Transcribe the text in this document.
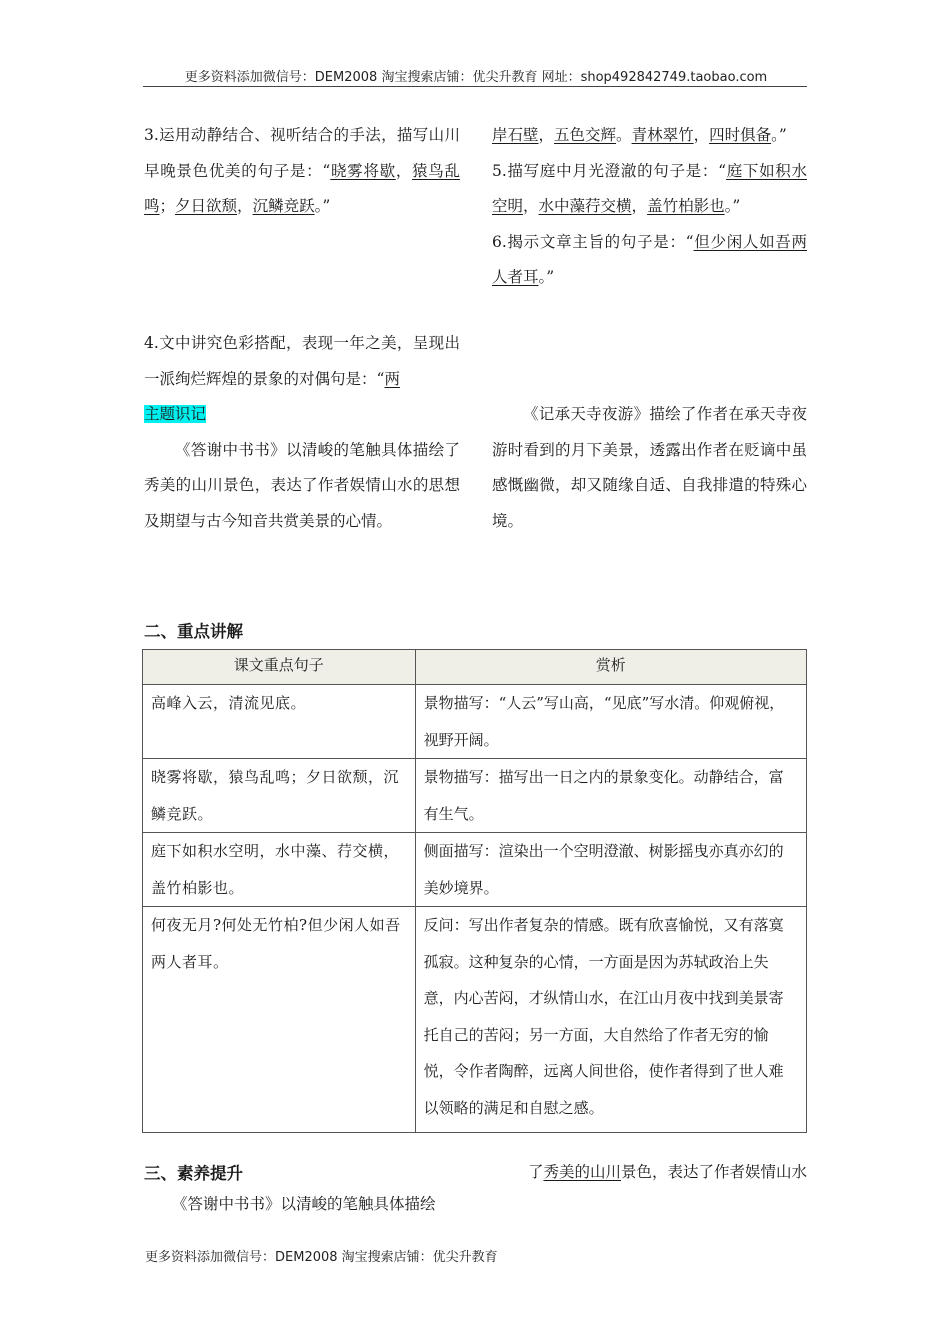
更多资料添加微信号：DEM2008 淘宝搜索店铺：优尖升教育 网址：shop492842749.taobao.com

3.运用动静结合、视听结合的手法，描写山川早晚景色优美的句子是：“晓雾将歇，猿鸟乱鸣；夕日欲颓，沉鳞竞跃。”

4.文中讲究色彩搭配，表现一年之美，呈现出一派绚烂辉煌的景象的对偶句是：“两

主题识记

《答谢中书书》以清峻的笔触具体描绘了秀美的山川景色，表达了作者娱情山水的思想及期望与古今知音共赏美景的心情。

岸石壁，五色交辉。青林翠竹，四时俱备。”

5.描写庭中月光澄澈的句子是：“庭下如积水空明，水中藻荇交横，盖竹柏影也。”

6.揭示文章主旨的句子是：“但少闲人如吾两人者耳。”

《记承天寺夜游》描绘了作者在承天寺夜游时看到的月下美景，透露出作者在贬谪中虽感慨幽微，却又随缘自适、自我排遣的特殊心境。

二、重点讲解
课文重点句子	赏析
高峰入云，清流见底。	景物描写：“人云”写山高，“见底”写水清。仰观俯视，视野开阔。
晓雾将歇，猿鸟乱鸣；夕日欲颓，沉鳞竞跃。	景物描写：描写出一日之内的景象变化。动静结合，富有生气。
庭下如积水空明，水中藻、荇交横，盖竹柏影也。	侧面描写：渲染出一个空明澄澈、树影摇曳亦真亦幻的美妙境界。
何夜无月?何处无竹柏?但少闲人如吾两人者耳。	反问：写出作者复杂的情感。既有欣喜愉悦，又有落寞孤寂。这种复杂的心情，一方面是因为苏轼政治上失意，内心苦闷，才纵情山水，在江山月夜中找到美景寄托自己的苦闷；另一方面，大自然给了作者无穷的愉悦，令作者陶醉，远离人间世俗，使作者得到了世人难以领略的满足和自慰之感。
三、素养提升
《答谢中书书》以清峻的笔触具体描绘
了秀美的山川景色，表达了作者娱情山水
更多资料添加微信号：DEM2008 淘宝搜索店铺：优尖升教育
